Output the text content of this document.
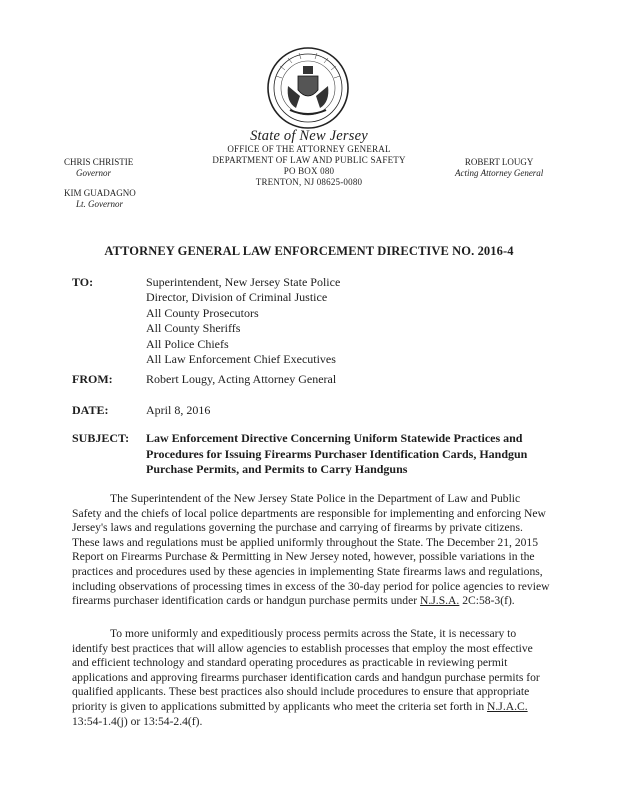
State of New Jersey
OFFICE OF THE ATTORNEY GENERAL
DEPARTMENT OF LAW AND PUBLIC SAFETY
PO BOX 080
TRENTON, NJ 08625-0080
CHRIS CHRISTIE
Governor
KIM GUADAGNO
Lt. Governor
ROBERT LOUGY
Acting Attorney General
ATTORNEY GENERAL LAW ENFORCEMENT DIRECTIVE NO. 2016-4
TO:	Superintendent, New Jersey State Police
Director, Division of Criminal Justice
All County Prosecutors
All County Sheriffs
All Police Chiefs
All Law Enforcement Chief Executives
FROM:	Robert Lougy, Acting Attorney General
DATE:	April 8, 2016
SUBJECT: Law Enforcement Directive Concerning Uniform Statewide Practices and Procedures for Issuing Firearms Purchaser Identification Cards, Handgun Purchase Permits, and Permits to Carry Handguns

The Superintendent of the New Jersey State Police in the Department of Law and Public Safety and the chiefs of local police departments are responsible for implementing and enforcing New Jersey's laws and regulations governing the purchase and carrying of firearms by private citizens. These laws and regulations must be applied uniformly throughout the State. The December 21, 2015 Report on Firearms Purchase & Permitting in New Jersey noted, however, possible variations in the practices and procedures used by these agencies in implementing State firearms laws and regulations, including observations of processing times in excess of the 30-day period for police agencies to review firearms purchaser identification cards or handgun purchase permits under N.J.S.A. 2C:58-3(f).

To more uniformly and expeditiously process permits across the State, it is necessary to identify best practices that will allow agencies to establish processes that employ the most effective and efficient technology and standard operating procedures as practicable in reviewing permit applications and approving firearms purchaser identification cards and handgun purchase permits for qualified applicants. These best practices also should include procedures to ensure that appropriate priority is given to applications submitted by applicants who meet the criteria set forth in N.J.A.C. 13:54-1.4(j) or 13:54-2.4(f).
